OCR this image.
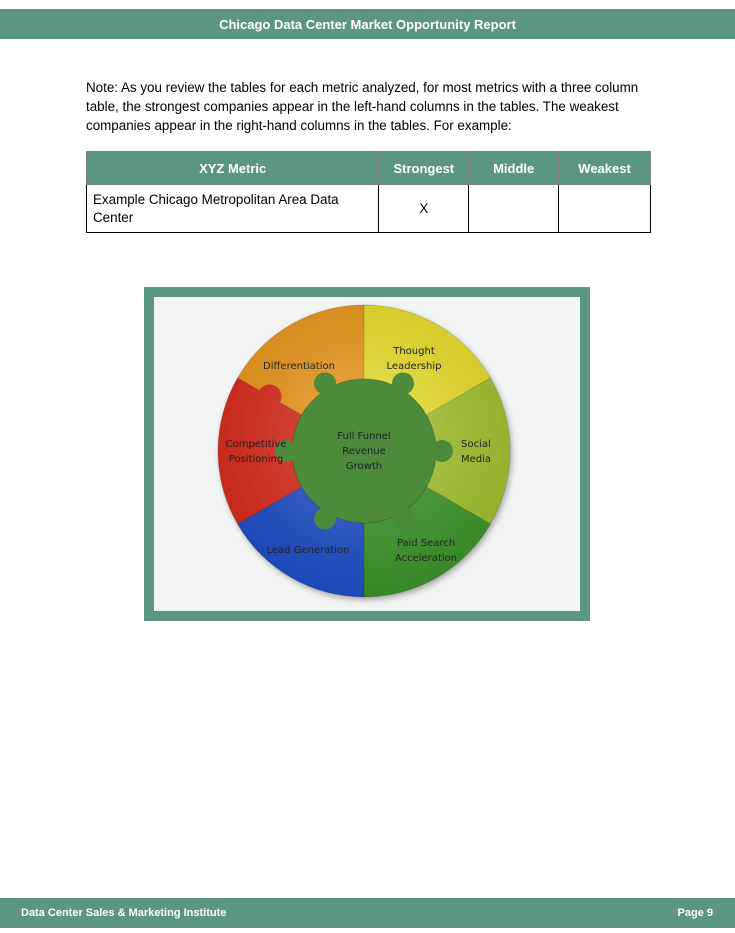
Chicago Data Center Market Opportunity Report

Note: As you review the tables for each metric analyzed, for most metrics with a three column table, the strongest companies appear in the left-hand columns in the tables. The weakest companies appear in the right-hand columns in the tables. For example:

XYZ Metric	Strongest	Middle	Weakest
Example Chicago Metropolitan Area Data Center	X		
Full Funnel Revenue Growth
Differentiation
Thought Leadership
Social Media
Paid Search Acceleration
Lead Generation
Competitive Positioning
Data Center Sales & Marketing Institute	Page 9
